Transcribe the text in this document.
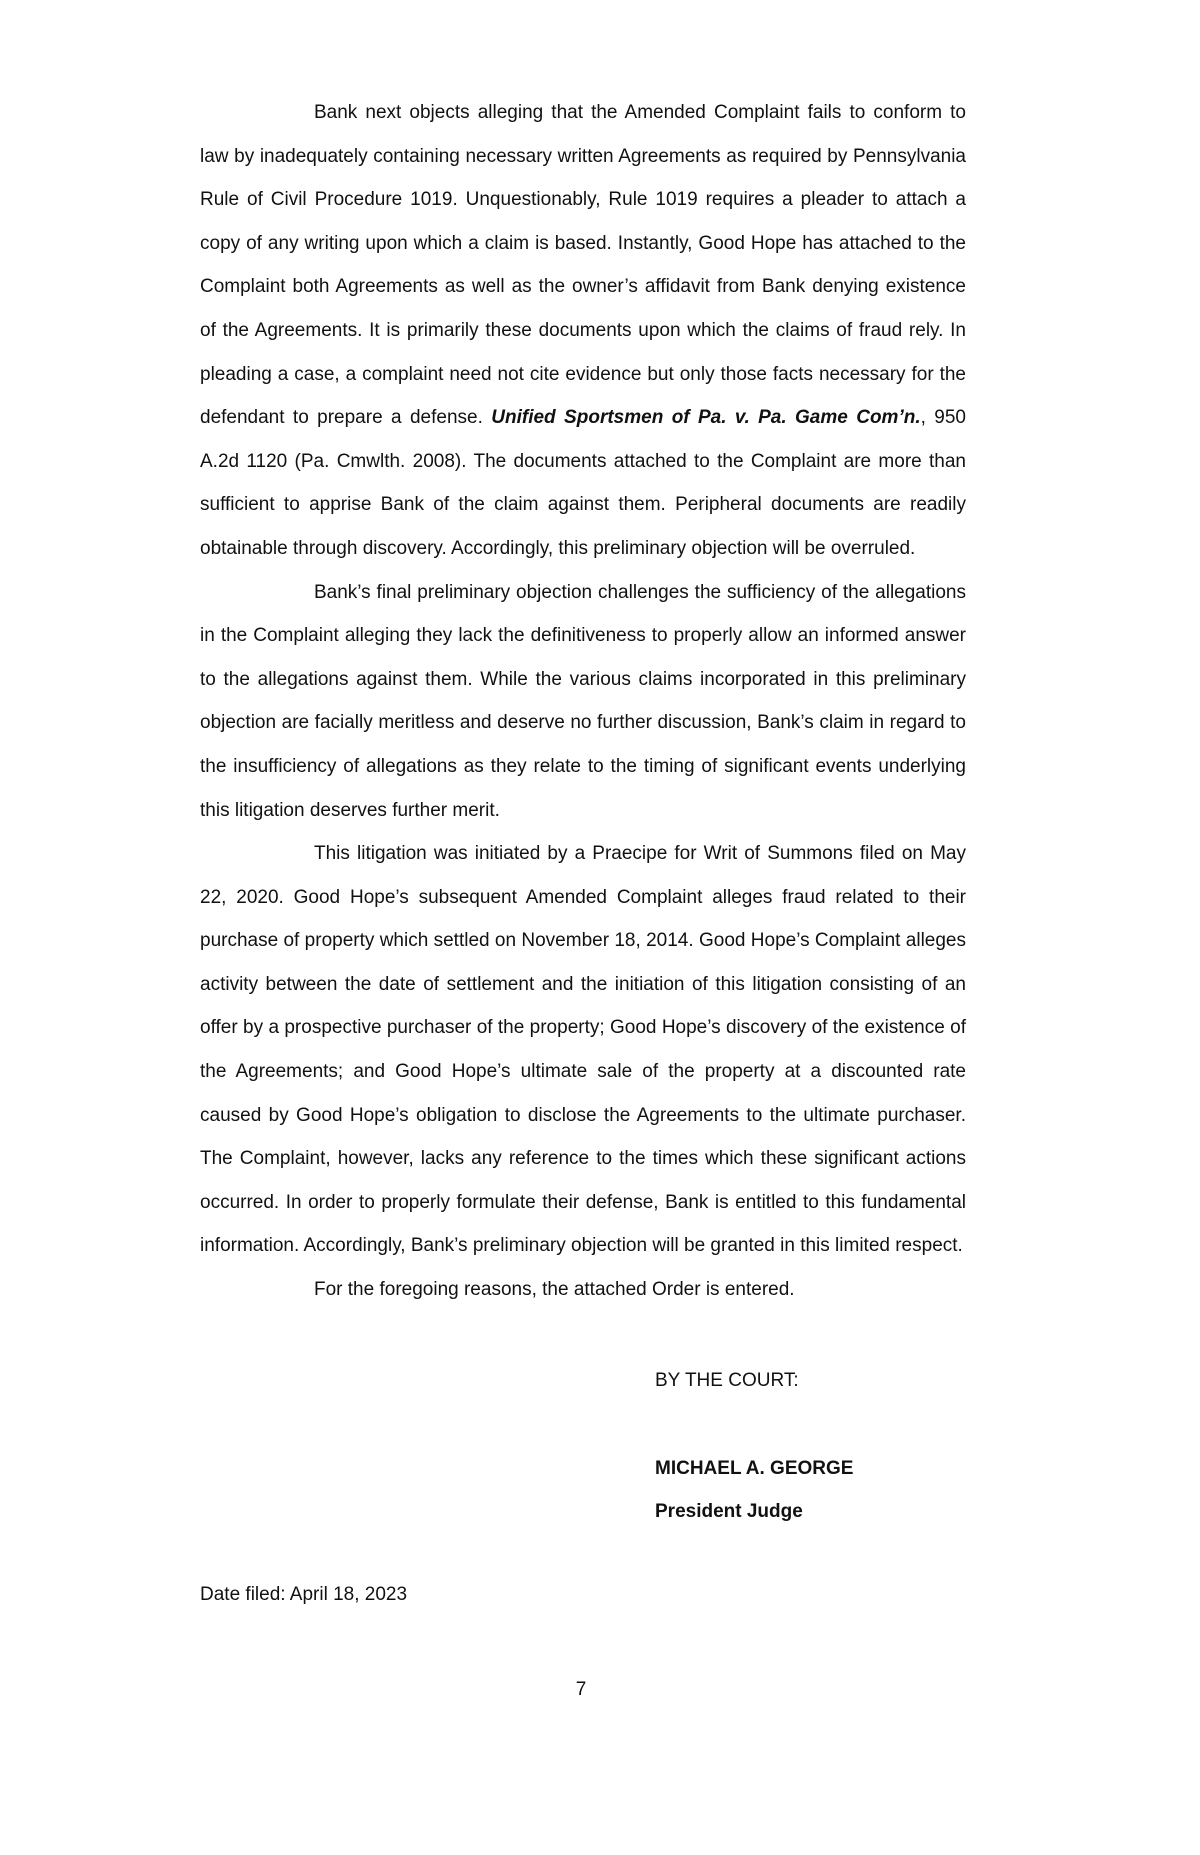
Bank next objects alleging that the Amended Complaint fails to conform to law by inadequately containing necessary written Agreements as required by Pennsylvania Rule of Civil Procedure 1019. Unquestionably, Rule 1019 requires a pleader to attach a copy of any writing upon which a claim is based. Instantly, Good Hope has attached to the Complaint both Agreements as well as the owner’s affidavit from Bank denying existence of the Agreements. It is primarily these documents upon which the claims of fraud rely. In pleading a case, a complaint need not cite evidence but only those facts necessary for the defendant to prepare a defense. Unified Sportsmen of Pa. v. Pa. Game Com’n., 950 A.2d 1120 (Pa. Cmwlth. 2008). The documents attached to the Complaint are more than sufficient to apprise Bank of the claim against them. Peripheral documents are readily obtainable through discovery. Accordingly, this preliminary objection will be overruled.

Bank’s final preliminary objection challenges the sufficiency of the allegations in the Complaint alleging they lack the definitiveness to properly allow an informed answer to the allegations against them. While the various claims incorporated in this preliminary objection are facially meritless and deserve no further discussion, Bank’s claim in regard to the insufficiency of allegations as they relate to the timing of significant events underlying this litigation deserves further merit.

This litigation was initiated by a Praecipe for Writ of Summons filed on May 22, 2020. Good Hope’s subsequent Amended Complaint alleges fraud related to their purchase of property which settled on November 18, 2014. Good Hope’s Complaint alleges activity between the date of settlement and the initiation of this litigation consisting of an offer by a prospective purchaser of the property; Good Hope’s discovery of the existence of the Agreements; and Good Hope’s ultimate sale of the property at a discounted rate caused by Good Hope’s obligation to disclose the Agreements to the ultimate purchaser. The Complaint, however, lacks any reference to the times which these significant actions occurred. In order to properly formulate their defense, Bank is entitled to this fundamental information. Accordingly, Bank’s preliminary objection will be granted in this limited respect.

For the foregoing reasons, the attached Order is entered.

BY THE COURT:

MICHAEL A. GEORGE

President Judge

Date filed: April 18, 2023
7
